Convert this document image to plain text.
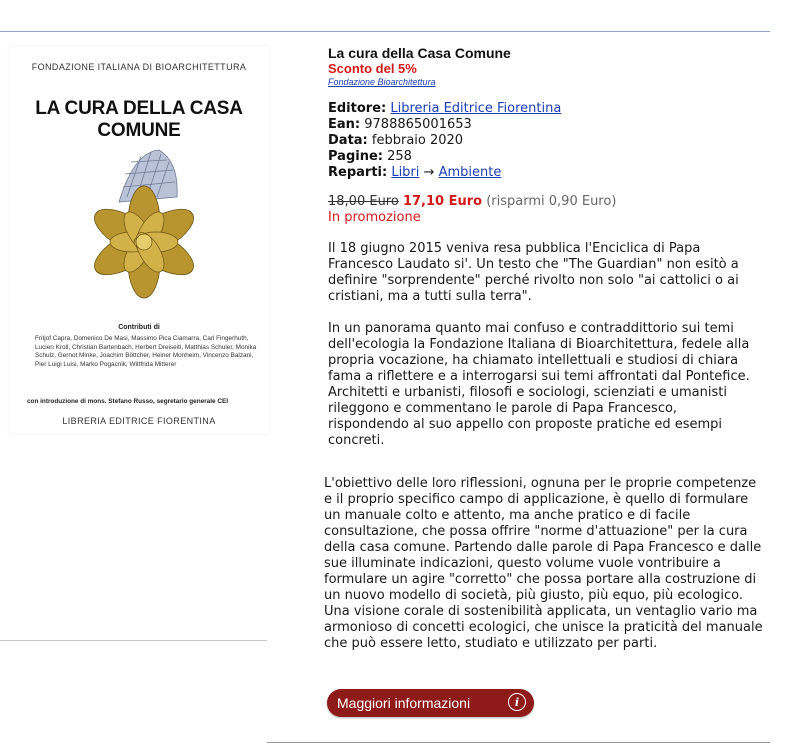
FONDAZIONE ITALIANA DI BIOARCHITETTURA
LA CURA DELLA CASA COMUNE
Contributi di
Fritjof Capra, Domenico De Masi, Massimo Pica Ciamarra, Carl Fingerhuth, Lucien Kroll, Christian Bartenbach, Herbert Dreiseitl, Matthias Schuler, Monika Schulz, Gernot Minke, Joachim Böttcher, Heiner Monheim, Vincenzo Balzani, Pier Luigi Luisi, Marko Pogacnik, Wittfrida Mitterer
con introduzione di mons. Stefano Russo, segretario generale CEI
LIBRERIA EDITRICE FIORENTINA
La cura della Casa Comune
Sconto del 5%
Fondazione Bioarchitettura
Editore: Libreria Editrice Fiorentina
Ean: 9788865001653
Data: febbraio 2020
Pagine: 258
Reparti: Libri → Ambiente
18,00 Euro 17,10 Euro (risparmi 0,90 Euro)
In promozione
Il 18 giugno 2015 veniva resa pubblica l'Enciclica di Papa Francesco Laudato si'. Un testo che "The Guardian" non esitò a definire "sorprendente" perché rivolto non solo "ai cattolici o ai cristiani, ma a tutti sulla terra".
In un panorama quanto mai confuso e contraddittorio sui temi dell'ecologia la Fondazione Italiana di Bioarchitettura, fedele alla propria vocazione, ha chiamato intellettuali e studiosi di chiara fama a riflettere e a interrogarsi sui temi affrontati dal Pontefice. Architetti e urbanisti, filosofi e sociologi, scienziati e umanisti rileggono e commentano le parole di Papa Francesco, rispondendo al suo appello con proposte pratiche ed esempi concreti.
L'obiettivo delle loro riflessioni, ognuna per le proprie competenze e il proprio specifico campo di applicazione, è quello di formulare un manuale colto e attento, ma anche pratico e di facile consultazione, che possa offrire "norme d'attuazione" per la cura della casa comune. Partendo dalle parole di Papa Francesco e dalle sue illuminate indicazioni, questo volume vuole vontribuire a formulare un agire "corretto" che possa portare alla costruzione di un nuovo modello di società, più giusto, più equo, più ecologico. Una visione corale di sostenibilità applicata, un ventaglio vario ma armonioso di concetti ecologici, che unisce la praticità del manuale che può essere letto, studiato e utilizzato per parti.
Maggiori informazioni	i
